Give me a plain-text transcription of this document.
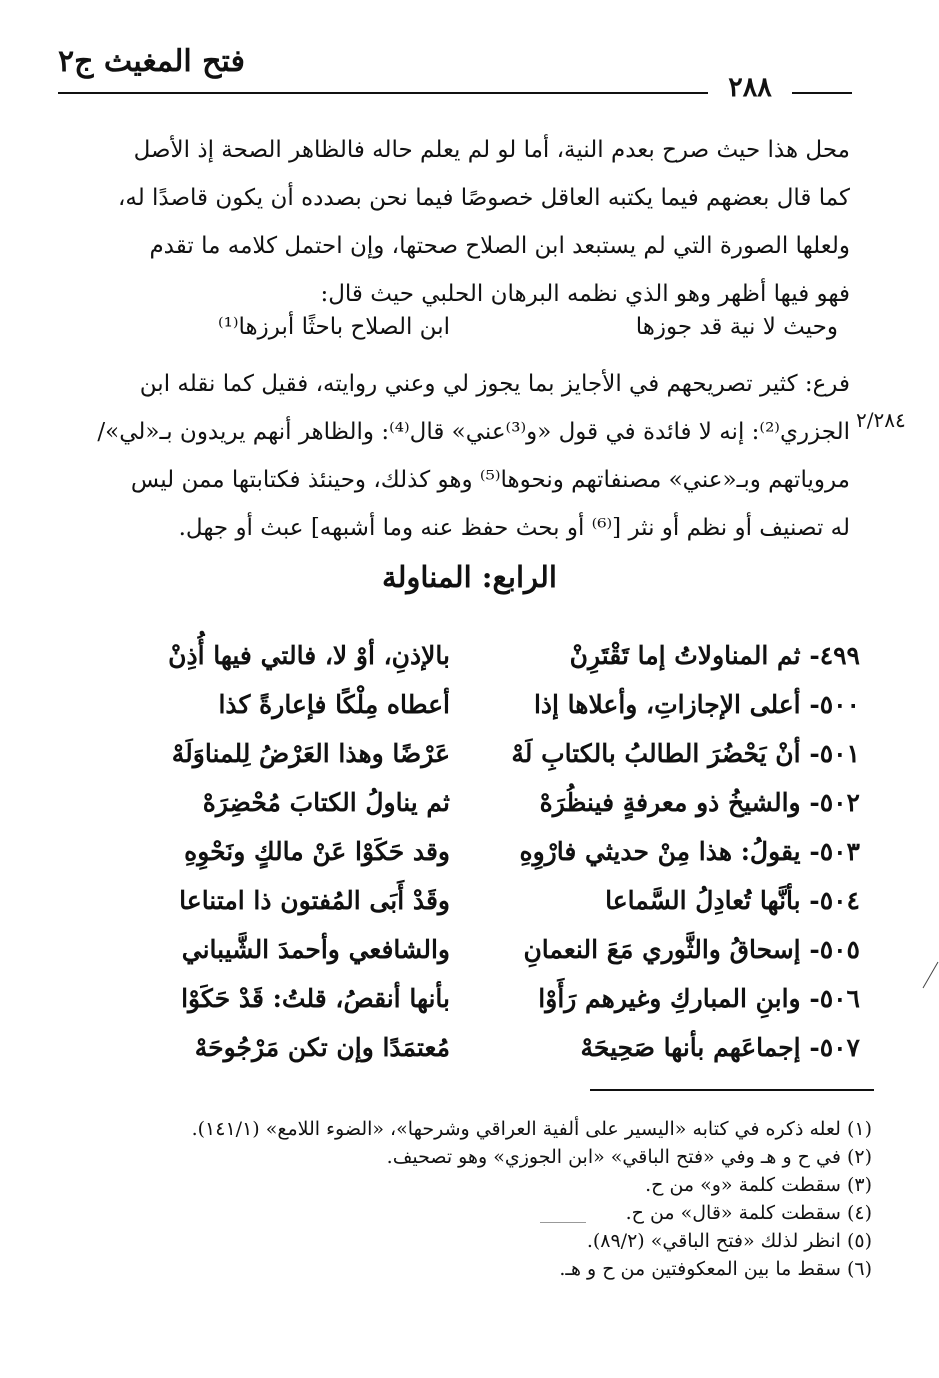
فتح المغيث ج٢
٢٨٨
محل هذا حيث صرح بعدم النية، أما لو لم يعلم حاله فالظاهر الصحة إذ الأصل
كما قال بعضهم فيما يكتبه العاقل خصوصًا فيما نحن بصدده أن يكون قاصدًا له،
ولعلها الصورة التي لم يستبعد ابن الصلاح صحتها، وإن احتمل كلامه ما تقدم
فهو فيها أظهر وهو الذي نظمه البرهان الحلبي حيث قال:
وحيث لا نية قد جوزها
ابن الصلاح باحثًا أبرزها⁽¹⁾
فرع: كثير تصريحهم في الأجايز بما يجوز لي وعني روايته، فقيل كما نقله ابن
الجزري⁽²⁾: إنه لا فائدة في قول «و⁽³⁾عني» قال⁽⁴⁾: والظاهر أنهم يريدون بـ«لي»/
مروياتهم وبـ«عني» مصنفاتهم ونحوها⁽⁵⁾ وهو كذلك، وحينئذ فكتابتها ممن ليس
له تصنيف أو نظم أو نثر [⁽⁶⁾ أو بحث حفظ عنه وما أشبهه] عبث أو جهل.
٢/٢٨٤
الرابع: المناولة
٤٩٩- ثم المناولاتُ إما تَقْتَرِنْ
بالإذنِ، أوْ لا، فالتي فيها أُذِنْ
٥٠٠- أعلى الإجازاتِ، وأعلاها إذا
أعطاه مِلْكًا فإعارةً كذا
٥٠١- أنْ يَحْضُرَ الطالبُ بالكتابِ لَهْ
عَرْضًا وهذا العَرْضُ لِلمناوَلَهْ
٥٠٢- والشيخُ ذو معرفةٍ فينظُرَهْ
ثم يناولُ الكتابَ مُحْضِرَهْ
٥٠٣- يقولُ: هذا مِنْ حديثي فارْوِهِ
وقد حَكَوْا عَنْ مالكٍ ونَحْوِهِ
٥٠٤- بأنَّها تُعادِلُ السَّماعا
وقَدْ أَبَى المُفتون ذا امتناعا
٥٠٥- إسحاقُ والثَّوري مَعَ النعمانِ
والشافعي وأحمدَ الشَّيباني
٥٠٦- وابنِ المباركِ وغيرهم رَأَوْا
بأنها أنقصُ، قلتُ: قَدْ حَكَوْا
٥٠٧- إجماعَهم بأنها صَحِيحَهْ
مُعتمَدًا وإن تكن مَرْجُوحَهْ
(١) لعله ذكره في كتابه «اليسير على ألفية العراقي وشرحها»، «الضوء اللامع» (١٤١/١).
(٢) في ح و هـ وفي «فتح الباقي» «ابن الجوزي» وهو تصحيف.
(٣) سقطت كلمة «و» من ح.
(٤) سقطت كلمة «قال» من ح.
(٥) انظر لذلك «فتح الباقي» (٨٩/٢).
(٦) سقط ما بين المعكوفتين من ح و هـ.
